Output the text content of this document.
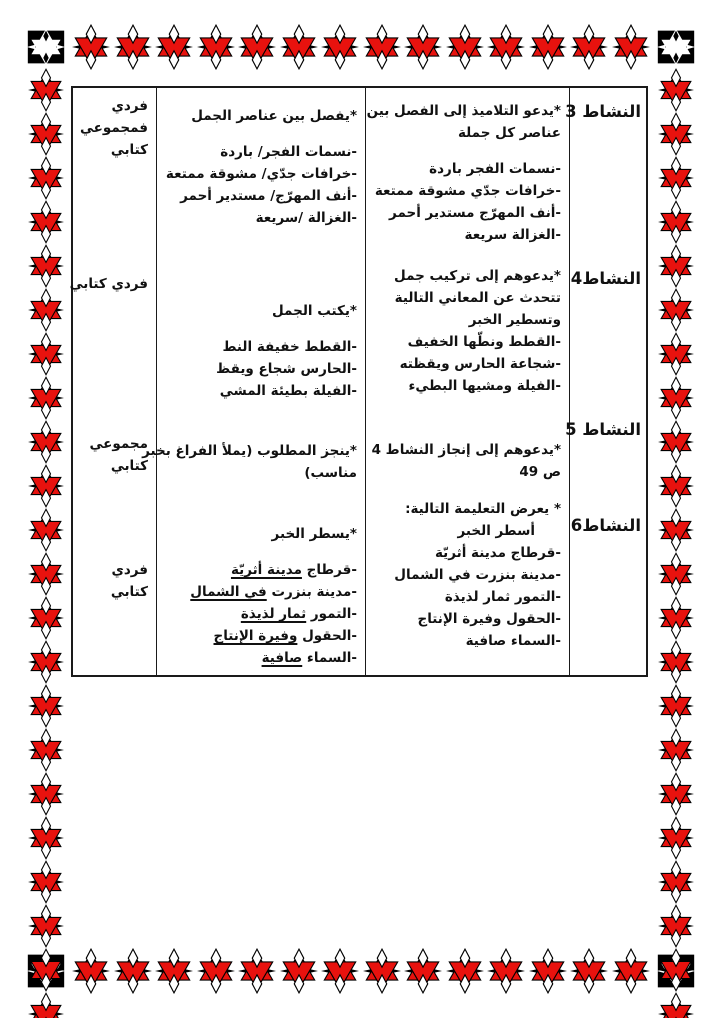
النشاط 3
*يدعو التلاميذ إلى الفصل بين
عناصر كل جملة
-نسمات الفجر باردة
-خرافات جدّي مشوقة ممتعة
-أنف المهرّج مستدير أحمر
-الغزالة سريعة
*يفصل بين عناصر الجمل
-نسمات الفجر/ باردة
-خرافات جدّي/ مشوقة ممتعة
-أنف المهرّج/ مستدير أحمر
-الغزالة /سريعة
فردي
فمجموعي
كتابي
النشاط4
*يدعوهم إلى تركيب جمل
تتحدث عن المعاني التالية
وتسطير الخبر
-القطط ونطّها الخفيف
-شجاعة الحارس ويقظته
-الفيلة ومشيها البطيء
*يكتب الجمل
-القطط خفيفة النط
-الحارس شجاع ويقظ
-الفيلة بطيئة المشي
فردي كتابي
النشاط 5
*يدعوهم إلى إنجاز النشاط 4
ص 49
*ينجز المطلوب (يملأ الفراغ بخبر
مناسب)
مجموعي
كتابي
النشاط6
* يعرض التعليمة التالية:
أسطر الخبر
-قرطاج مدينة أثريّة
-مدينة بنزرت في الشمال
-التمور ثمار لذيذة
-الحقول وفيرة الإنتاج
-السماء صافية
*يسطر الخبر
-قرطاج مدينة أثريّة
-مدينة بنزرت في الشمال
-التمور ثمار لذيذة
-الحقول وفيرة الإنتاج
-السماء صافية
فردي
كتابي
